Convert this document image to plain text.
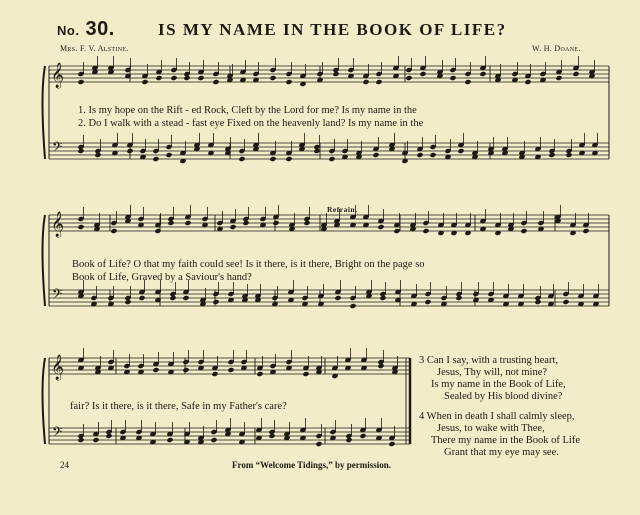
No. 30.	IS MY NAME IN THE BOOK OF LIFE?
Mrs. F. V. Alstine.	W. H. Doane.
𝄞
𝄢
𝄞
𝄢
𝄞
𝄢
1. Is my hope on the Rift - ed Rock, Cleft by the Lord for me? Is my name in the
2. Do I walk with a stead - fast eye Fixed on the heavenly land? Is my name in the
Refrain.
Book of Life? O that my faith could see! Is it there, is it there, Bright on the page so
Book of Life, Graved by a Saviour's hand?
fair? Is it there, is it there, Safe in my Father's care?
3 Can I say, with a trusting heart,
Jesus, Thy will, not mine?
Is my name in the Book of Life,
Sealed by His blood divine?
4 When in death I shall calmly sleep,
Jesus, to wake with Thee,
There my name in the Book of Life
Grant that my eye may see.
24	From “Welcome Tidings,” by permission.
